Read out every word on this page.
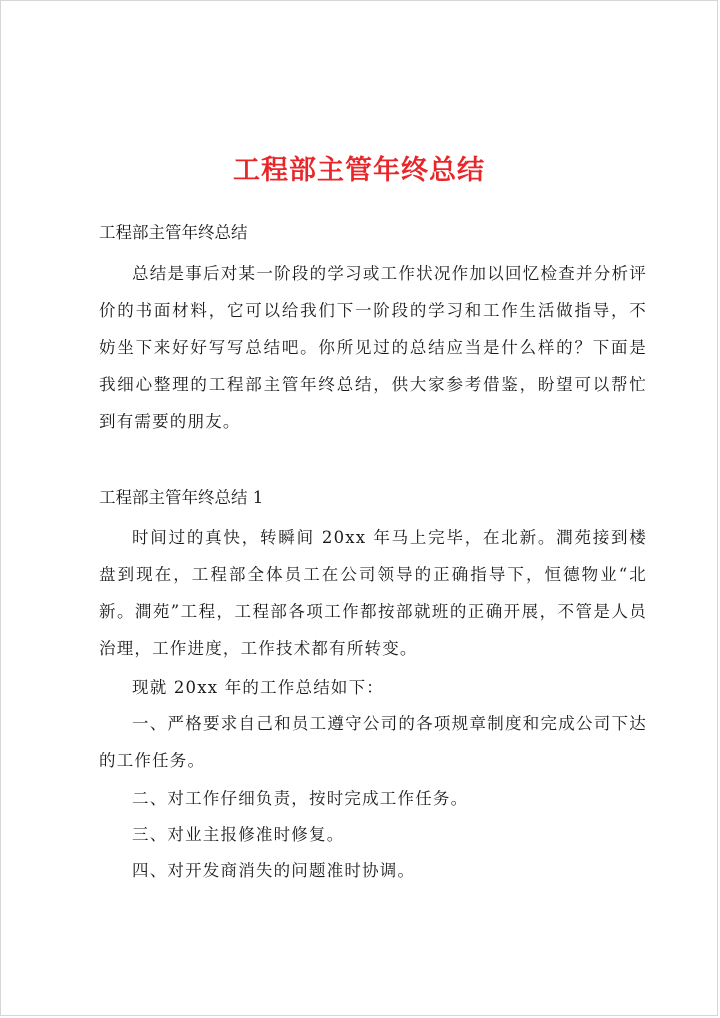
工程部主管年终总结

工程部主管年终总结

总结是事后对某一阶段的学习或工作状况作加以回忆检查并分析评价的书面材料，它可以给我们下一阶段的学习和工作生活做指导，不妨坐下来好好写写总结吧。你所见过的总结应当是什么样的？下面是我细心整理的工程部主管年终总结，供大家参考借鉴，盼望可以帮忙到有需要的朋友。

工程部主管年终总结 1

时间过的真快，转瞬间 20xx 年马上完毕，在北新。澗苑接到楼盘到现在，工程部全体员工在公司领导的正确指导下，恒德物业“北新。澗苑”工程，工程部各项工作都按部就班的正确开展，不管是人员治理，工作进度，工作技术都有所转变。

现就 20xx 年的工作总结如下：

一、严格要求自己和员工遵守公司的各项规章制度和完成公司下达的工作任务。

二、对工作仔细负责，按时完成工作任务。

三、对业主报修准时修复。

四、对开发商消失的问题准时协调。
